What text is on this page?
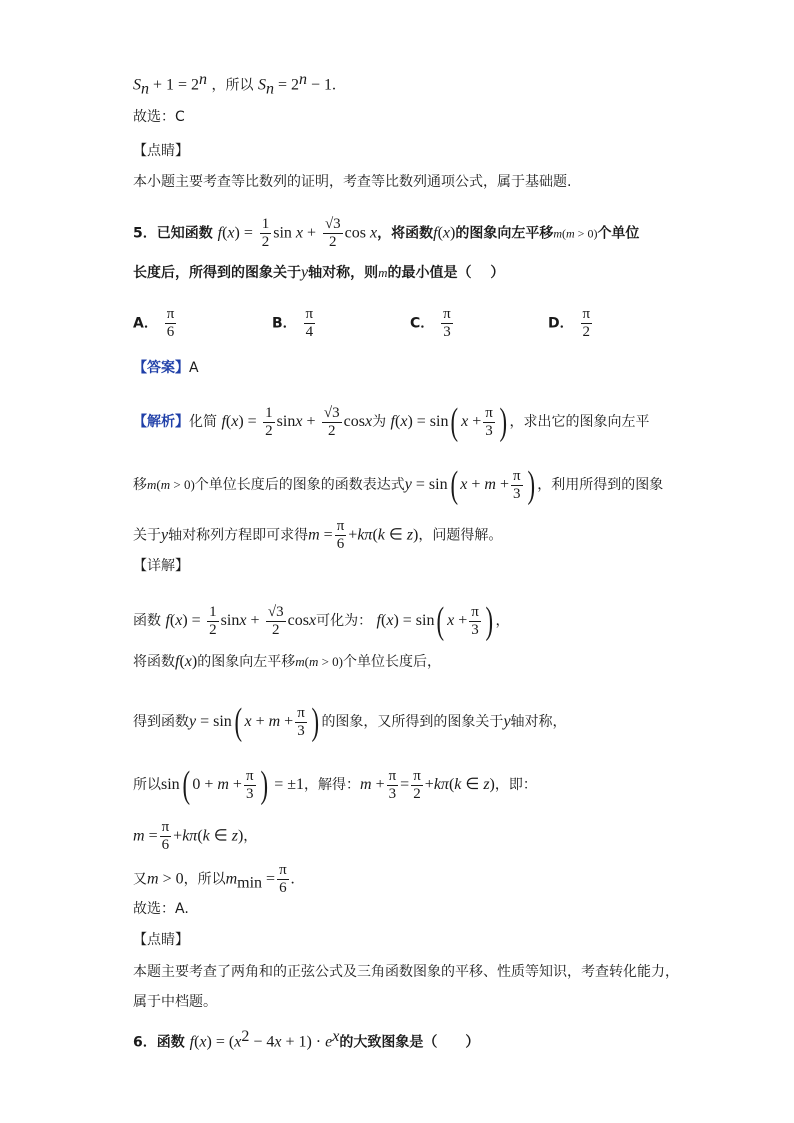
$S_n + 1 = 2^n$ ，所以 $S_n = 2^n - 1$.
故选：C
【点睛】
本小题主要考查等比数列的证明，考查等比数列通项公式，属于基础题.
5．已知函数 $f(x) = \frac{1}{2}$ $\sin x + \frac{√3}{2}$ cos x，将函数f(x)的图象向左平移m(m > 0)个单位
长度后，所得到的图象关于y轴对称，则m的最小值是（　 ）
A． $\frac{\pi}{6}$	B． $\frac{\pi}{4}$	C． $\frac{\pi}{3}$	D． $\frac{\pi}{2}$
【答案】A
【解析】化简 $f(x) = \frac{1}{2}$ $\sin x + \frac{√3}{2}$ cosx为 f(x) = sin( $x + \frac{\pi}{3}$ ) ，求出它的图象向左平
移m(m > 0)个单位长度后的图象的函数表达式y = sin( $x + m + \frac{\pi}{3}$ ) ，利用所得到的图象
关于y轴对称列方程即可求得$m = \frac{\pi}{6} +k\pi(k$ ∈ z)，问题得解。
【详解】
函数 $f(x) = \frac{1}{2}$ $\sin x + \frac{√3}{2}$ cosx可化为： f(x) = sin( $x + \frac{\pi}{3}$ ) ，
将函数f(x)的图象向左平移m(m > 0)个单位长度后，
得到函数y = sin( $x + m + \frac{\pi}{3}$ ) 的图象，又所得到的图象关于y轴对称，
所以sin( $0 + m + \frac{\pi}{3}$ ) = ±1，解得：$m + \frac{\pi}{3} = \frac{\pi}{2} +k\pi(k$ ∈ z)，即：
$m = \frac{\pi}{6} +k\pi(k$ ∈ z)，
又m > 0，所以$m_{min} = \frac{\pi}{6}$ .
故选：A.
【点睛】
本题主要考查了两角和的正弦公式及三角函数图象的平移、性质等知识，考查转化能力，
属于中档题。
6．函数 $f(x) = (x^2 - 4x + 1) \cdot e^x$的大致图象是（　　）
